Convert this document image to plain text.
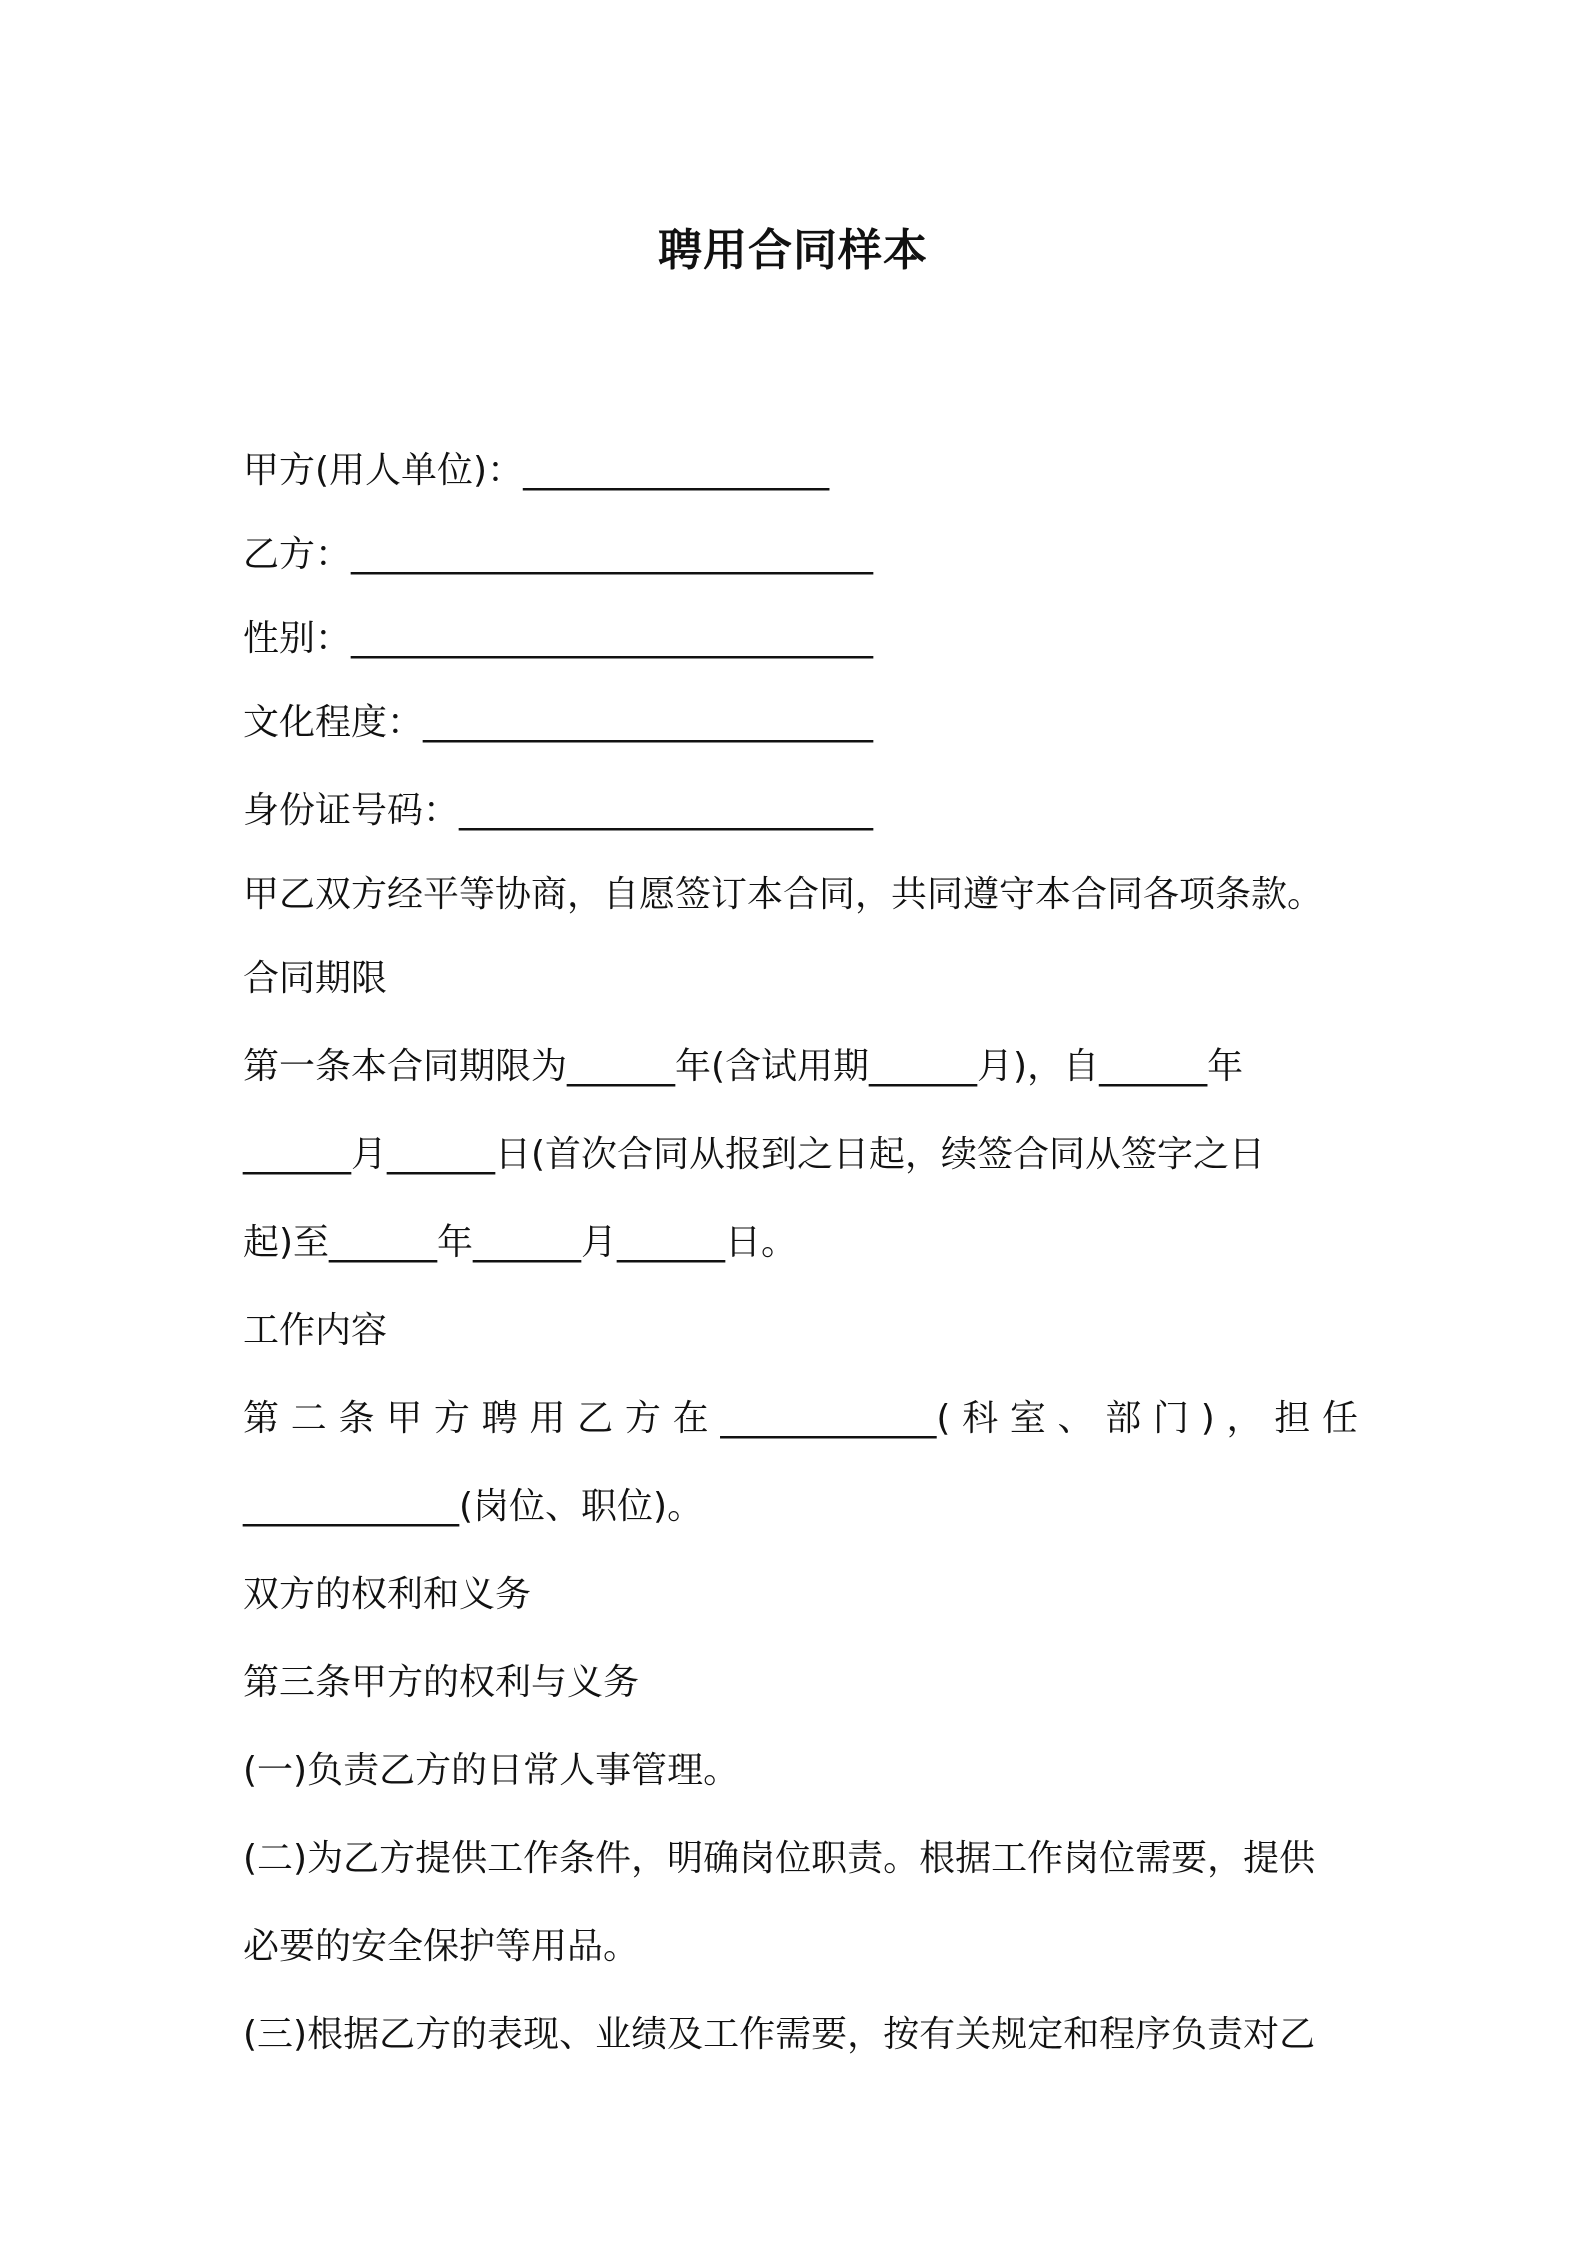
聘用合同样本

甲方(用人单位)：_________________

乙方：_____________________________

性别：_____________________________

文化程度：_________________________

身份证号码：_______________________

甲乙双方经平等协商，自愿签订本合同，共同遵守本合同各项条款。

合同期限

第一条本合同期限为______年(含试用期______月)，自______年

______月______日(首次合同从报到之日起，续签合同从签字之日

起)至______年______月______日。

工作内容

第二条甲方聘用乙方在____________(科室、部门)，担任

____________(岗位、职位)。

双方的权利和义务

第三条甲方的权利与义务

(一)负责乙方的日常人事管理。

(二)为乙方提供工作条件，明确岗位职责。根据工作岗位需要，提供

必要的安全保护等用品。

(三)根据乙方的表现、业绩及工作需要，按有关规定和程序负责对乙
